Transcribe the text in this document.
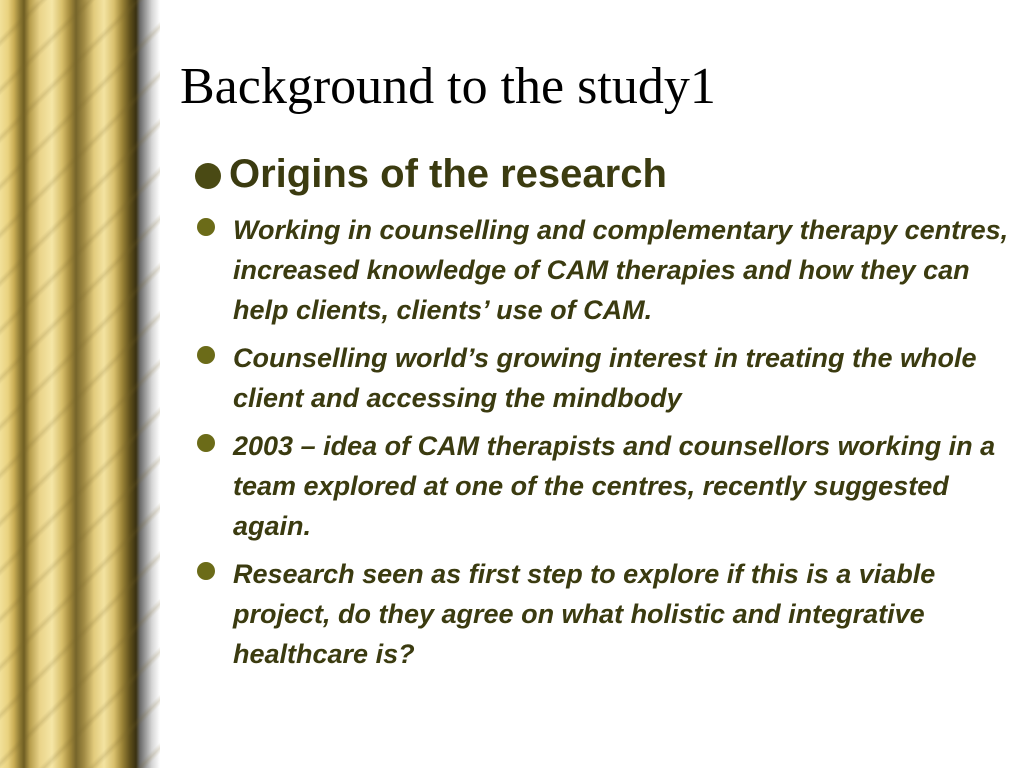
Background to the study1
Origins of the research
Working in counselling and complementary therapy centres, increased knowledge of CAM therapies and how they can help clients, clients’ use of CAM.
Counselling world’s growing interest in treating the whole client and accessing the mindbody
2003 – idea of CAM therapists and counsellors working in a team explored at one of the centres, recently suggested again.
Research seen as first step to explore if this is a viable project, do they agree on what holistic and integrative healthcare is?
